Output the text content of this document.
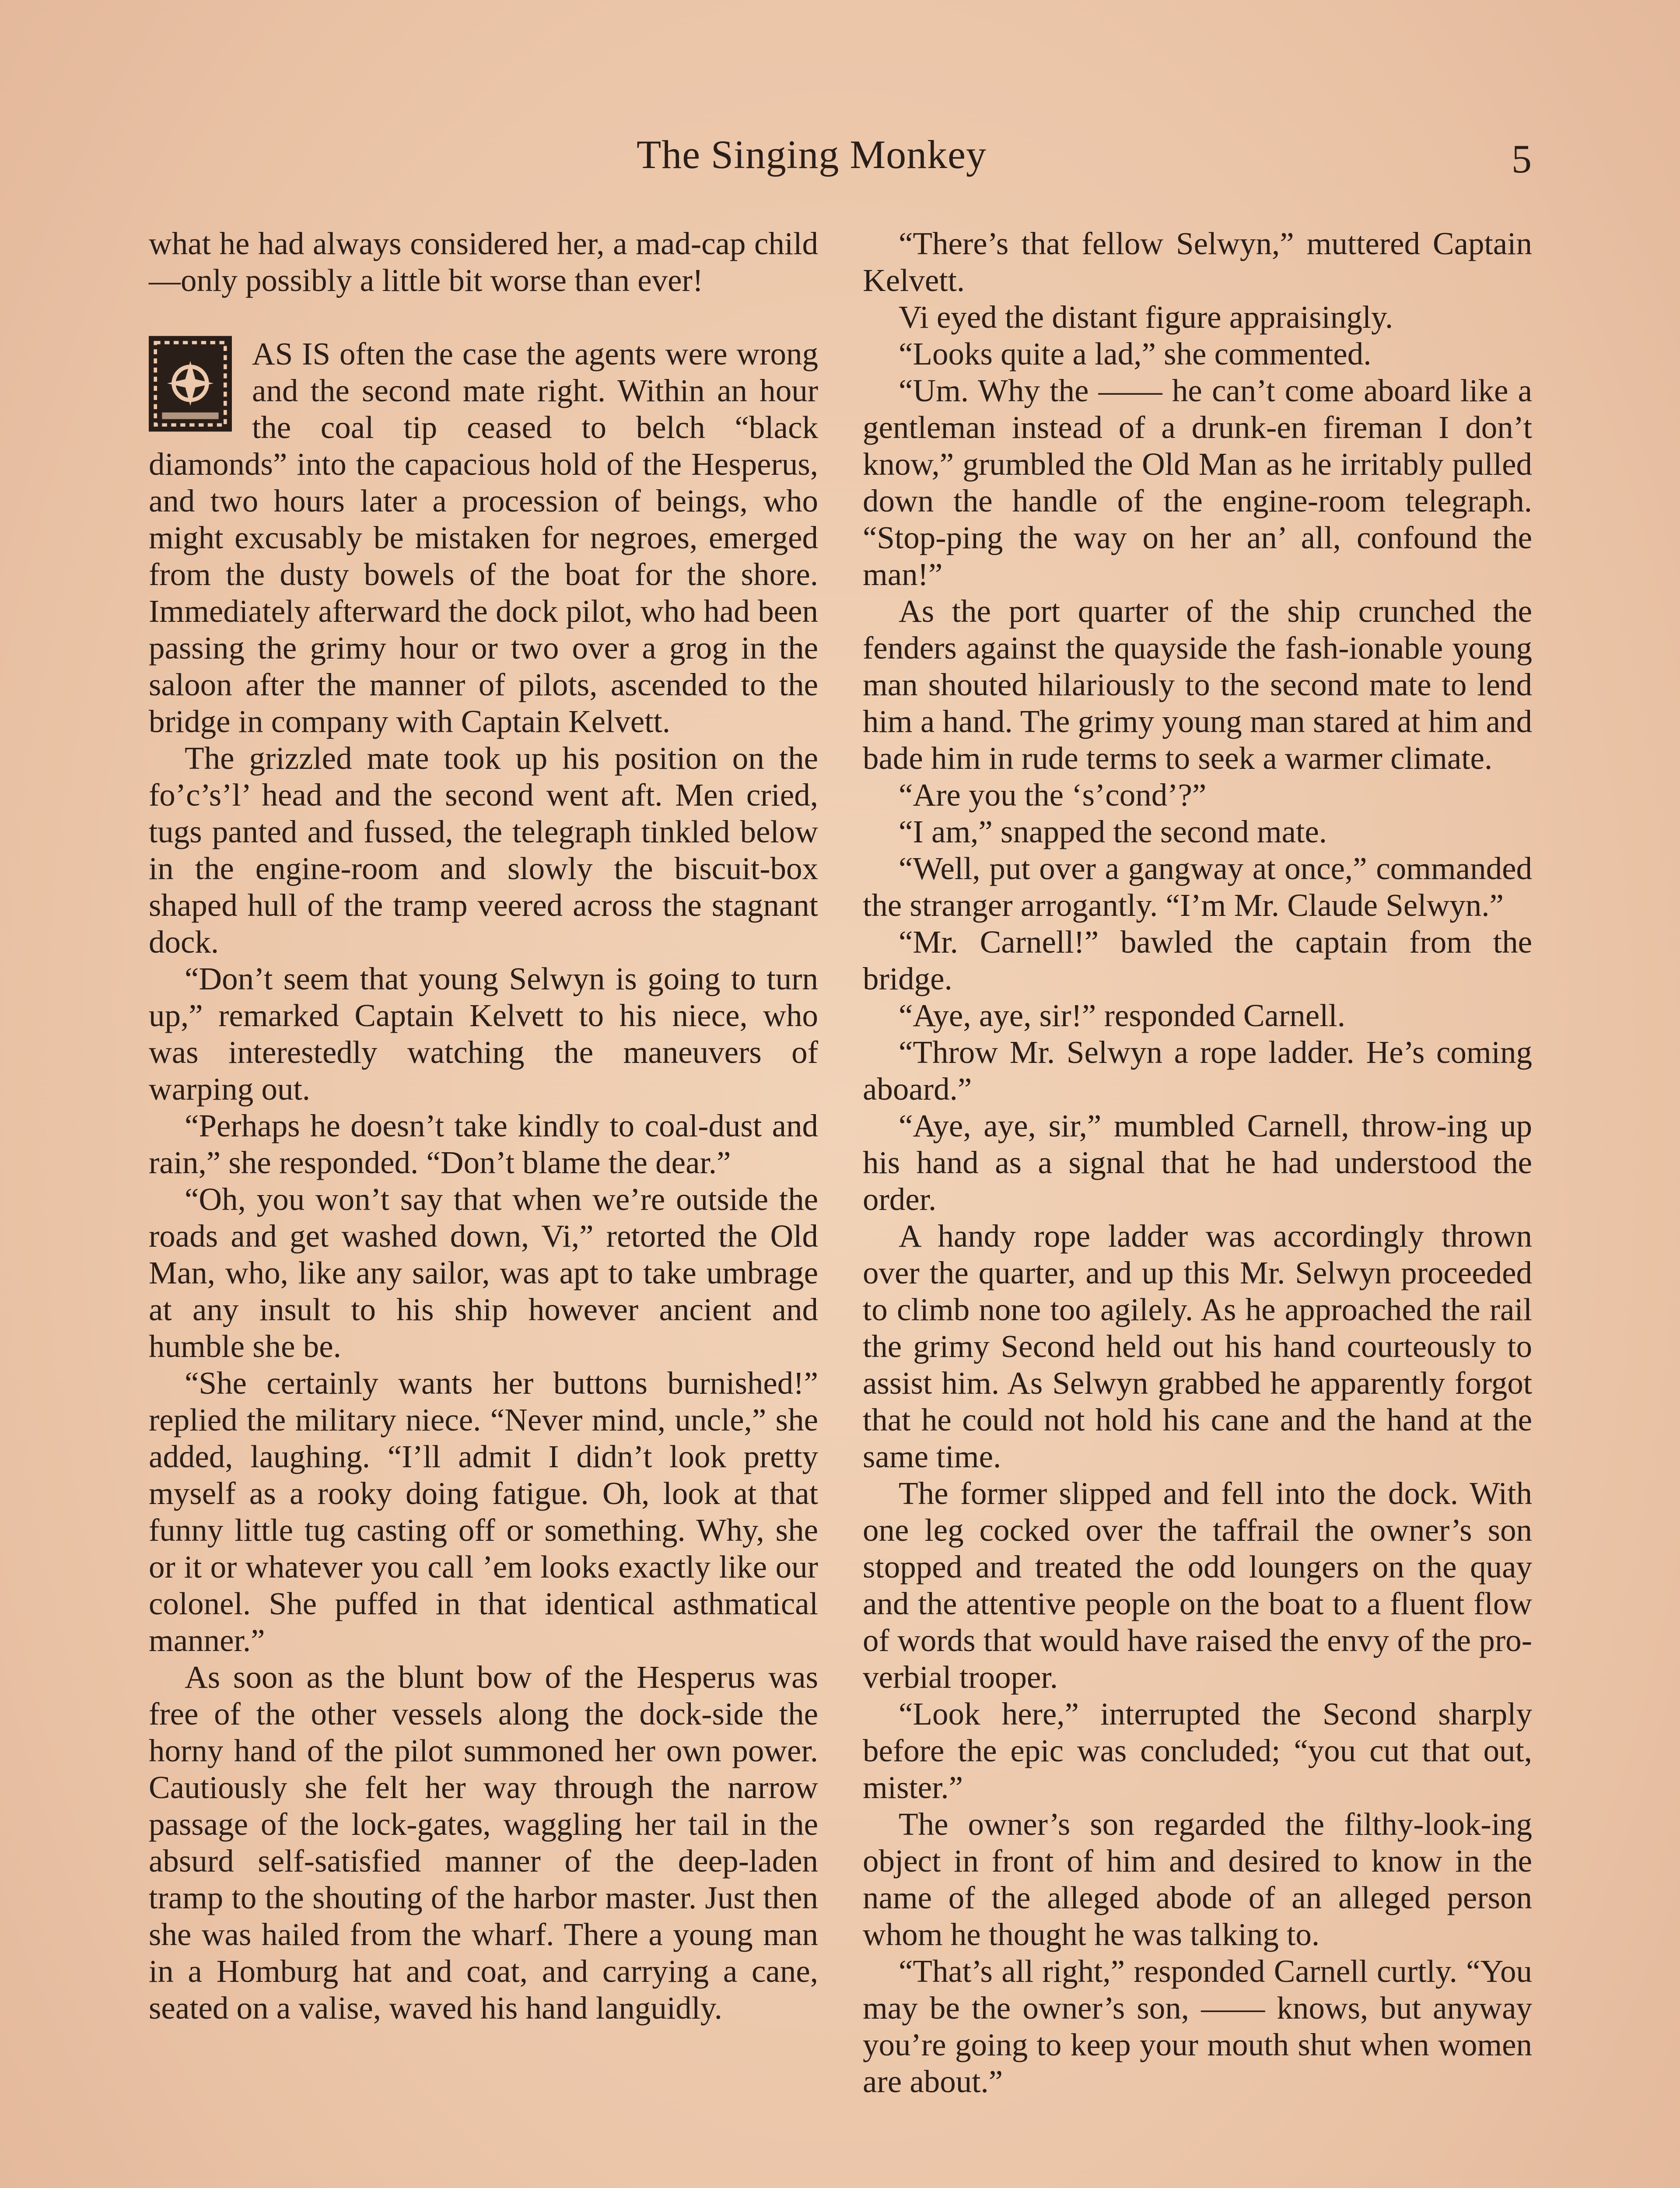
The Singing Monkey	5

what he had always considered her, a mad-cap child—only possibly a little bit worse than ever!

AS IS often the case the agents were wrong and the second mate right. Within an hour the coal tip ceased to belch “black diamonds” into the capacious hold of the Hesperus, and two hours later a procession of beings, who might excusably be mistaken for negroes, emerged from the dusty bowels of the boat for the shore. Immediately afterward the dock pilot, who had been passing the grimy hour or two over a grog in the saloon after the manner of pilots, ascended to the bridge in company with Captain Kelvett.

The grizzled mate took up his position on the fo’c’s’l’ head and the second went aft. Men cried, tugs panted and fussed, the telegraph tinkled below in the engine-room and slowly the biscuit-box shaped hull of the tramp veered across the stagnant dock.

“Don’t seem that young Selwyn is going to turn up,” remarked Captain Kelvett to his niece, who was interestedly watching the maneuvers of warping out.

“Perhaps he doesn’t take kindly to coal-dust and rain,” she responded. “Don’t blame the dear.”

“Oh, you won’t say that when we’re outside the roads and get washed down, Vi,” retorted the Old Man, who, like any sailor, was apt to take umbrage at any insult to his ship however ancient and humble she be.

“She certainly wants her buttons burnished!” replied the military niece. “Never mind, uncle,” she added, laughing. “I’ll admit I didn’t look pretty myself as a rooky doing fatigue. Oh, look at that funny little tug casting off or something. Why, she or it or whatever you call ’em looks exactly like our colonel. She puffed in that identical asthmatical manner.”

As soon as the blunt bow of the Hesperus was free of the other vessels along the dock-side the horny hand of the pilot summoned her own power. Cautiously she felt her way through the narrow passage of the lock-gates, waggling her tail in the absurd self-satisfied manner of the deep-laden tramp to the shouting of the harbor master. Just then she was hailed from the wharf. There a young man in a Homburg hat and coat, and carrying a cane, seated on a valise, waved his hand languidly.

“There’s that fellow Selwyn,” muttered Captain Kelvett.

Vi eyed the distant figure appraisingly.

“Looks quite a lad,” she commented.

“Um. Why the —— he can’t come aboard like a gentleman instead of a drunk-en fireman I don’t know,” grumbled the Old Man as he irritably pulled down the handle of the engine-room telegraph. “Stop-ping the way on her an’ all, confound the man!”

As the port quarter of the ship crunched the fenders against the quayside the fash-ionable young man shouted hilariously to the second mate to lend him a hand. The grimy young man stared at him and bade him in rude terms to seek a warmer climate.

“Are you the ‘s’cond’?”

“I am,” snapped the second mate.

“Well, put over a gangway at once,” commanded the stranger arrogantly. “I’m Mr. Claude Selwyn.”

“Mr. Carnell!” bawled the captain from the bridge.

“Aye, aye, sir!” responded Carnell.

“Throw Mr. Selwyn a rope ladder. He’s coming aboard.”

“Aye, aye, sir,” mumbled Carnell, throw-ing up his hand as a signal that he had understood the order.

A handy rope ladder was accordingly thrown over the quarter, and up this Mr. Selwyn proceeded to climb none too agilely. As he approached the rail the grimy Second held out his hand courteously to assist him. As Selwyn grabbed he apparently forgot that he could not hold his cane and the hand at the same time.

The former slipped and fell into the dock. With one leg cocked over the taffrail the owner’s son stopped and treated the odd loungers on the quay and the attentive people on the boat to a fluent flow of words that would have raised the envy of the pro-verbial trooper.

“Look here,” interrupted the Second sharply before the epic was concluded; “you cut that out, mister.”

The owner’s son regarded the filthy-look-ing object in front of him and desired to know in the name of the alleged abode of an alleged person whom he thought he was talking to.

“That’s all right,” responded Carnell curtly. “You may be the owner’s son, —— knows, but anyway you’re going to keep your mouth shut when women are about.”
